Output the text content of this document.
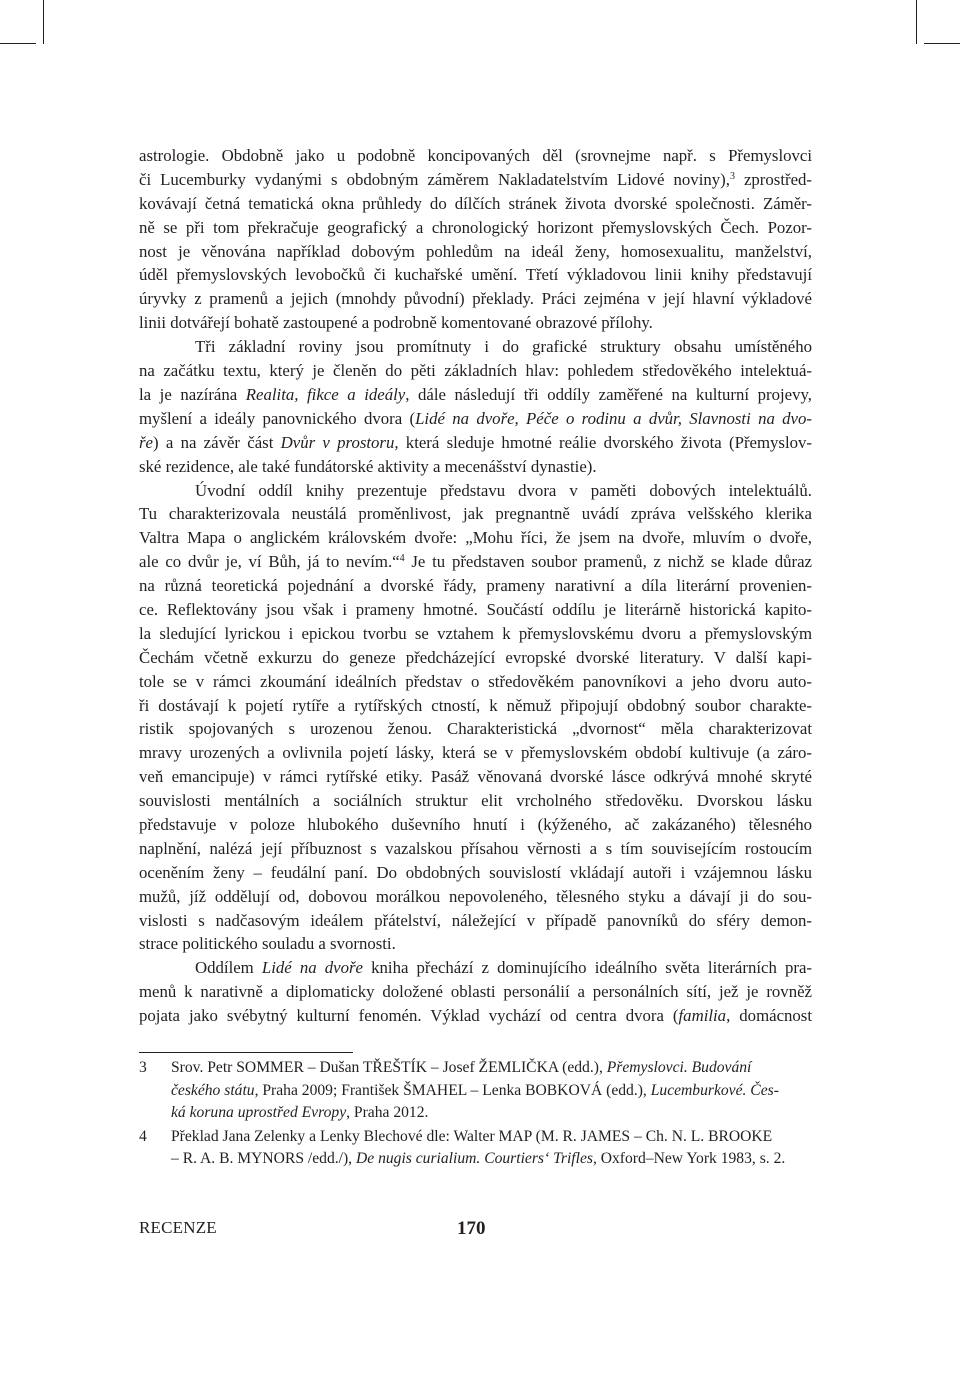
astrologie. Obdobně jako u podobně koncipovaných děl (srovnejme např. s Přemyslovci
či Lucemburky vydanými s obdobným záměrem Nakladatelstvím Lidové noviny),$^3$ zprostřed-
kovávají četná tematická okna průhledy do dílčích stránek života dvorské společnosti. Záměr-
ně se při tom překračuje geografický a chronologický horizont přemyslovských Čech. Pozor-
nost je věnována například dobovým pohledům na ideál ženy, homosexualitu, manželství,
úděl přemyslovských levobočků či kuchařské umění. Třetí výkladovou linii knihy představují
úryvky z pramenů a jejich (mnohdy původní) překlady. Práci zejména v její hlavní výkladové
linii dotvářejí bohatě zastoupené a podrobně komentované obrazové přílohy.
Tři základní roviny jsou promítnuty i do grafické struktury obsahu umístěného
na začátku textu, který je členěn do pěti základních hlav: pohledem středověkého intelektuá-
la je nazírána Realita, fikce a ideály, dále následují tři oddíly zaměřené na kulturní projevy,
myšlení a ideály panovnického dvora (Lidé na dvoře, Péče o rodinu a dvůr, Slavnosti na dvo-
ře) a na závěr část Dvůr v prostoru, která sleduje hmotné reálie dvorského života (Přemyslov-
ské rezidence, ale také fundátorské aktivity a mecenášství dynastie).
Úvodní oddíl knihy prezentuje představu dvora v paměti dobových intelektuálů.
Tu charakterizovala neustálá proměnlivost, jak pregnantně uvádí zpráva velšského klerika
Valtra Mapa o anglickém královském dvoře: „Mohu říci, že jsem na dvoře, mluvím o dvoře,
ale co dvůr je, ví Bůh, já to nevím.“$^4$ Je tu představen soubor pramenů, z nichž se klade důraz
na různá teoretická pojednání a dvorské řády, prameny narativní a díla literární provenien-
ce. Reflektovány jsou však i prameny hmotné. Součástí oddílu je literárně historická kapito-
la sledující lyrickou i epickou tvorbu se vztahem k přemyslovskému dvoru a přemyslovským
Čechám včetně exkurzu do geneze předcházející evropské dvorské literatury. V další kapi-
tole se v rámci zkoumání ideálních představ o středověkém panovníkovi a jeho dvoru auto-
ři dostávají k pojetí rytíře a rytířských ctností, k němuž připojují obdobný soubor charakte-
ristik spojovaných s urozenou ženou. Charakteristická „dvornost“ měla charakterizovat
mravy urozených a ovlivnila pojetí lásky, která se v přemyslovském období kultivuje (a záro-
veň emancipuje) v rámci rytířské etiky. Pasáž věnovaná dvorské lásce odkrývá mnohé skryté
souvislosti mentálních a sociálních struktur elit vrcholného středověku. Dvorskou lásku
představuje v poloze hlubokého duševního hnutí i (kýženého, ač zakázaného) tělesného
naplnění, nalézá její příbuznost s vazalskou přísahou věrnosti a s tím souvisejícím rostoucím
oceněním ženy – feudální paní. Do obdobných souvislostí vkládají autoři i vzájemnou lásku
mužů, jíž oddělují od, dobovou morálkou nepovoleného, tělesného styku a dávají ji do sou-
vislosti s nadčasovým ideálem přátelství, náležející v případě panovníků do sféry demon-
strace politického souladu a svornosti.
Oddílem Lidé na dvoře kniha přechází z dominujícího ideálního světa literárních pra-
menů k narativně a diplomaticky doložené oblasti personálií a personálních sítí, jež je rovněž
pojata jako svébytný kulturní fenomén. Výklad vychází od centra dvora (familia, domácnost
3 Srov. Petr SOMMER – Dušan TŘEŠTÍK – Josef ŽEMLIČKA (edd.), Přemyslovci. Budování
českého státu, Praha 2009; František ŠMAHEL – Lenka BOBKOVÁ (edd.), Lucemburkové. Čes-
ká koruna uprostřed Evropy, Praha 2012.
4 Překlad Jana Zelenky a Lenky Blechové dle: Walter MAP (M. R. JAMES – Ch. N. L. BROOKE
– R. A. B. MYNORS /edd./), De nugis curialium. Courtiers‘ Trifles, Oxford–New York 1983, s. 2.
RECENZE	170
